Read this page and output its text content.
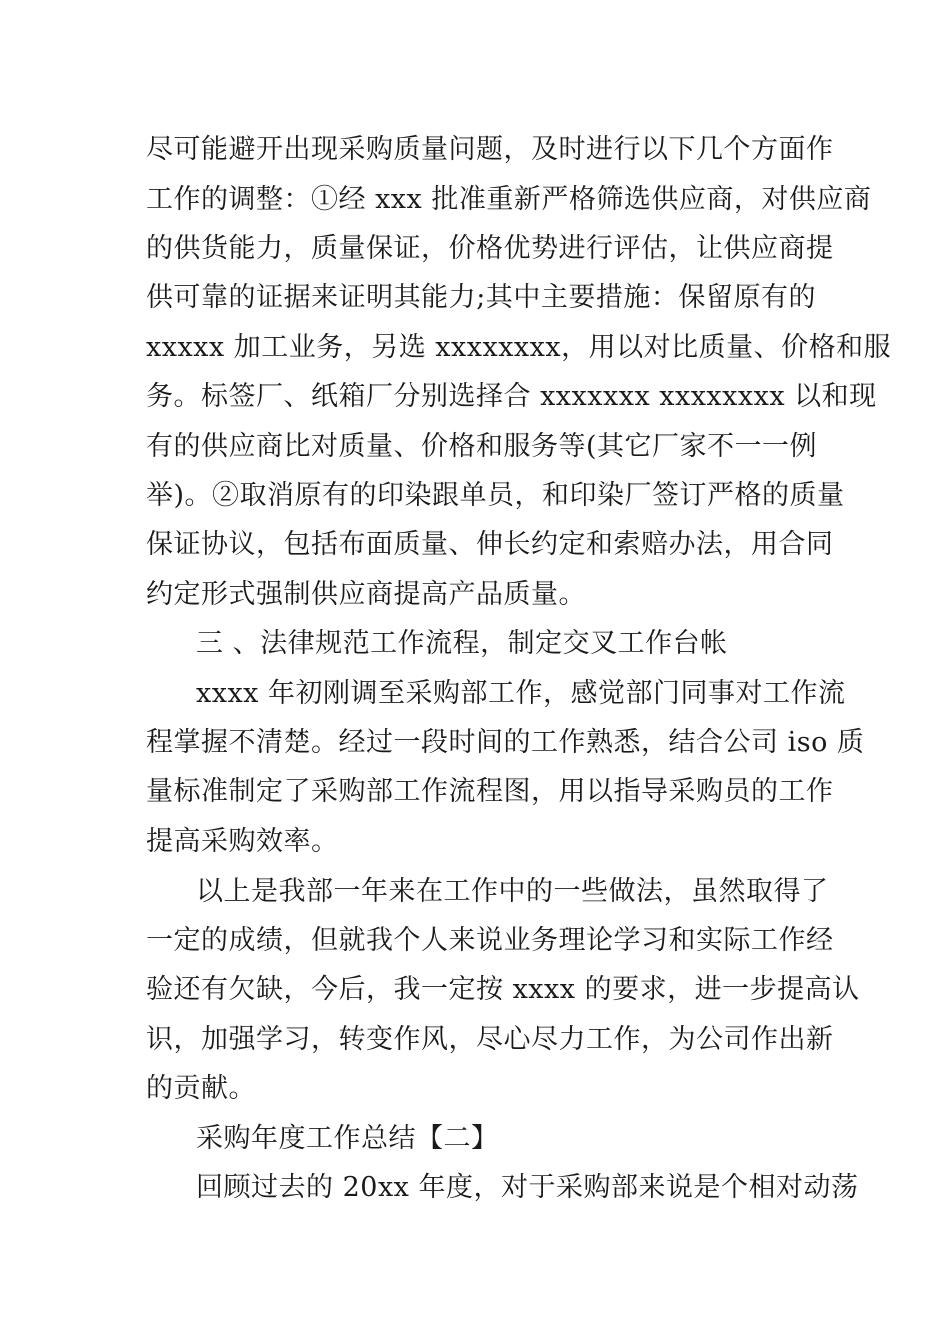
尽可能避开出现采购质量问题，及时进行以下几个方面作
工作的调整：①经 xxx 批准重新严格筛选供应商，对供应商
的供货能力，质量保证，价格优势进行评估，让供应商提
供可靠的证据来证明其能力;其中主要措施：保留原有的
xxxxx 加工业务，另选 xxxxxxxx，用以对比质量、价格和服
务。标签厂、纸箱厂分别选择合 xxxxxxx xxxxxxxx 以和现
有的供应商比对质量、价格和服务等(其它厂家不一一例
举)。②取消原有的印染跟单员，和印染厂签订严格的质量
保证协议，包括布面质量、伸长约定和索赔办法，用合同
约定形式强制供应商提高产品质量。
三 、法律规范工作流程，制定交叉工作台帐
xxxx 年初刚调至采购部工作，感觉部门同事对工作流
程掌握不清楚。经过一段时间的工作熟悉，结合公司 iso 质
量标准制定了采购部工作流程图，用以指导采购员的工作
提高采购效率。
以上是我部一年来在工作中的一些做法，虽然取得了
一定的成绩，但就我个人来说业务理论学习和实际工作经
验还有欠缺，今后，我一定按 xxxx 的要求，进一步提高认
识，加强学习，转变作风，尽心尽力工作，为公司作出新
的贡献。
采购年度工作总结【二】
回顾过去的 20xx 年度，对于采购部来说是个相对动荡
